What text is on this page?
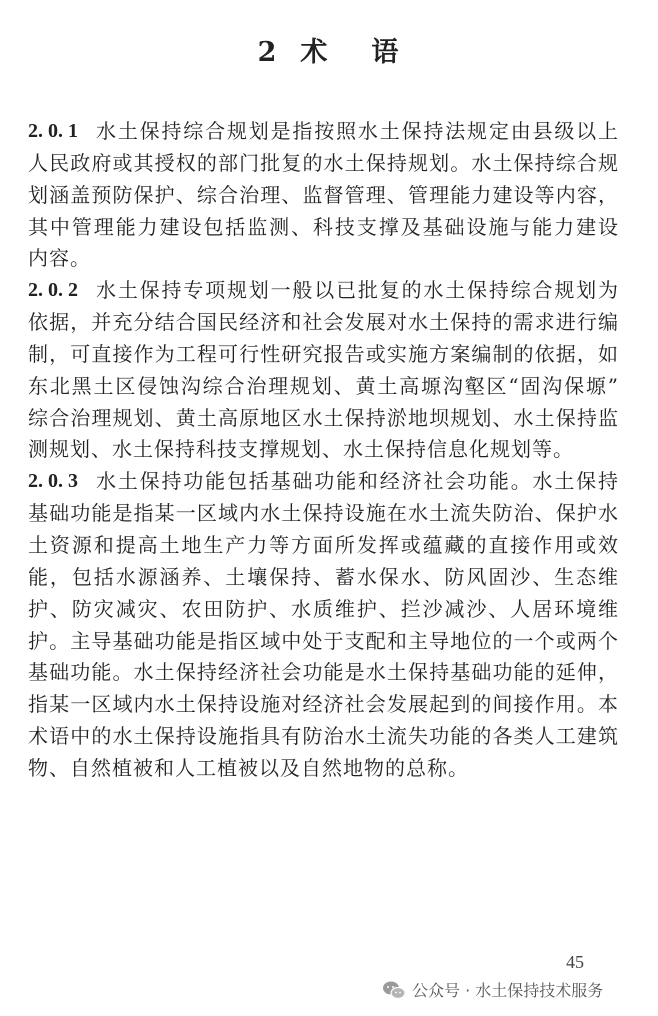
2 术 语
2. 0. 1 水土保持综合规划是指按照水土保持法规定由县级以上
人民政府或其授权的部门批复的水土保持规划。水土保持综合规
划涵盖预防保护、综合治理、监督管理、管理能力建设等内容，
其中管理能力建设包括监测、科技支撑及基础设施与能力建设
内容。
2. 0. 2 水土保持专项规划一般以已批复的水土保持综合规划为
依据，并充分结合国民经济和社会发展对水土保持的需求进行编
制，可直接作为工程可行性研究报告或实施方案编制的依据，如
东北黑土区侵蚀沟综合治理规划、黄土高塬沟壑区“固沟保塬”
综合治理规划、黄土高原地区水土保持淤地坝规划、水土保持监
测规划、水土保持科技支撑规划、水土保持信息化规划等。
2. 0. 3 水土保持功能包括基础功能和经济社会功能。水土保持
基础功能是指某一区域内水土保持设施在水土流失防治、保护水
土资源和提高土地生产力等方面所发挥或蕴藏的直接作用或效
能，包括水源涵养、土壤保持、蓄水保水、防风固沙、生态维
护、防灾减灾、农田防护、水质维护、拦沙减沙、人居环境维
护。主导基础功能是指区域中处于支配和主导地位的一个或两个
基础功能。水土保持经济社会功能是水土保持基础功能的延伸，
指某一区域内水土保持设施对经济社会发展起到的间接作用。本
术语中的水土保持设施指具有防治水土流失功能的各类人工建筑
物、自然植被和人工植被以及自然地物的总称。
45
公众号 · 水土保持技术服务
